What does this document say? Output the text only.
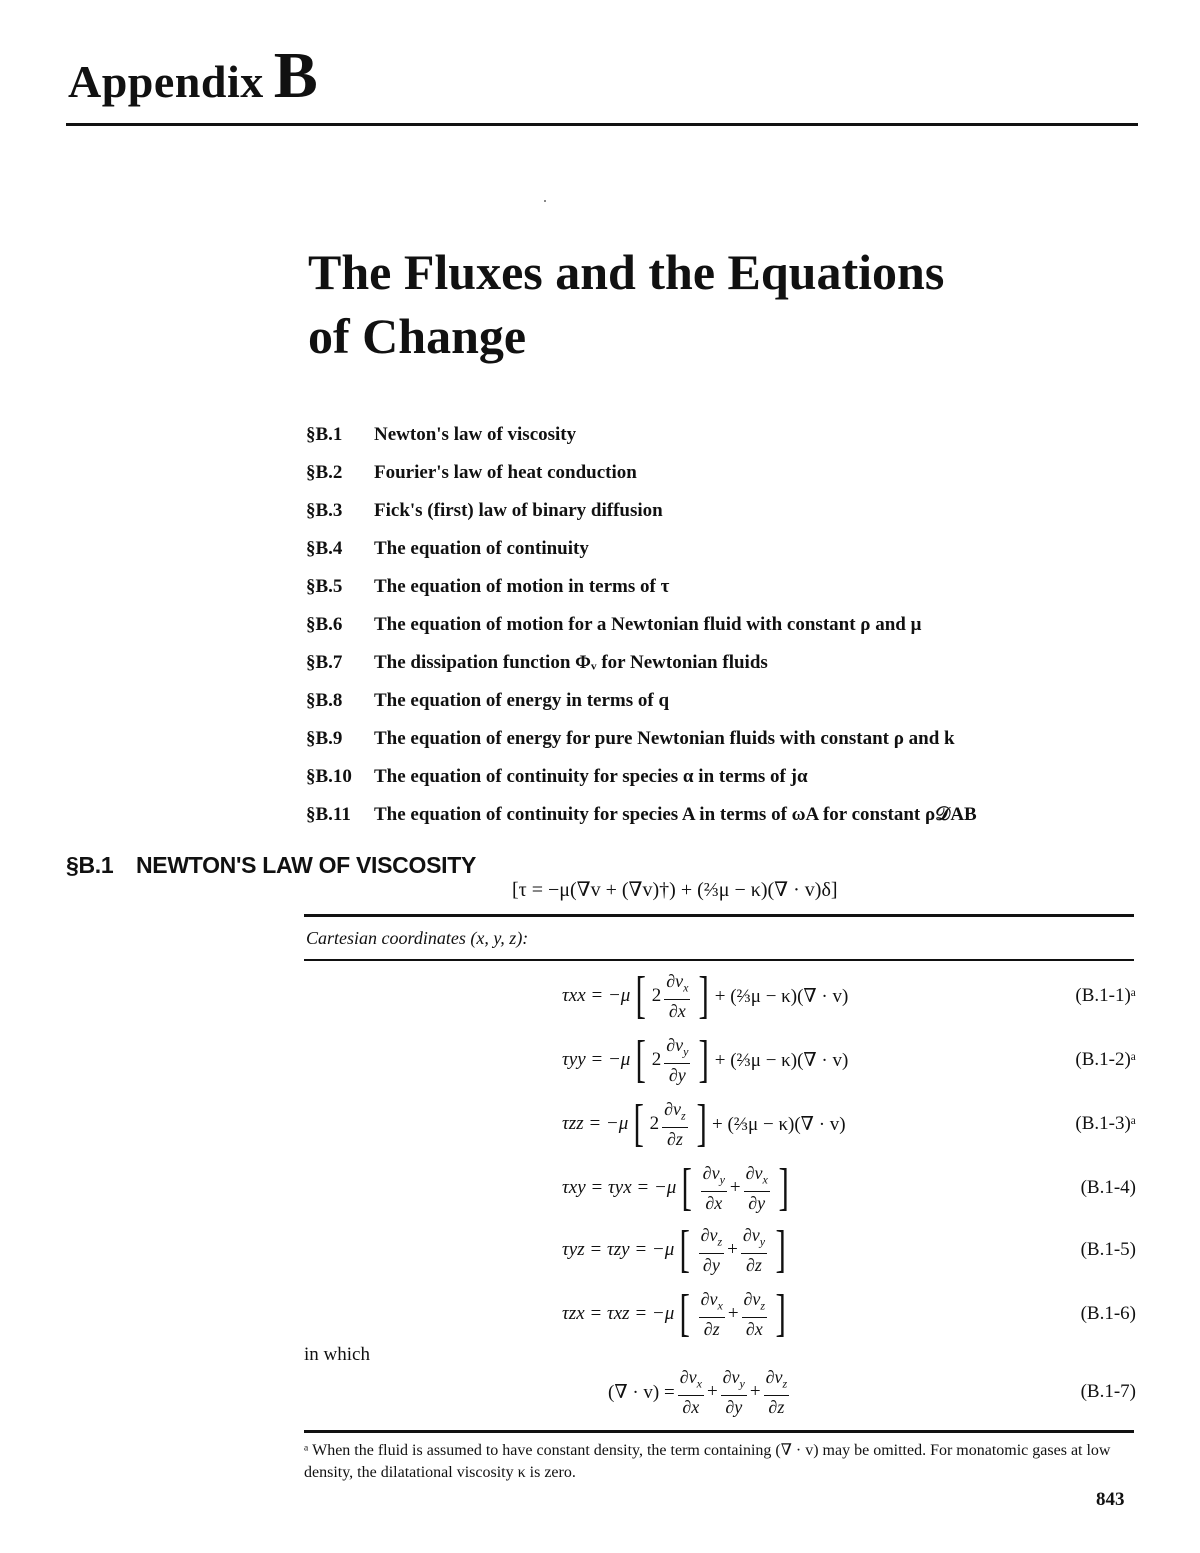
Appendix B
The Fluxes and the Equations
of Change
§B.1	Newton's law of viscosity
§B.2	Fourier's law of heat conduction
§B.3	Fick's (first) law of binary diffusion
§B.4	The equation of continuity
§B.5	The equation of motion in terms of τ
§B.6	The equation of motion for a Newtonian fluid with constant ρ and μ
§B.7	The dissipation function Φᵥ for Newtonian fluids
§B.8	The equation of energy in terms of q
§B.9	The equation of energy for pure Newtonian fluids with constant ρ and k
§B.10	The equation of continuity for species α in terms of jα
§B.11	The equation of continuity for species A in terms of ωA for constant ρ𝒟AB
§B.1 NEWTON'S LAW OF VISCOSITY
[τ = −μ(∇v + (∇v)†) + (⅔μ − κ)(∇ · v)δ]
Cartesian coordinates (x, y, z):
τxx = −μ [ $2 \frac{\partial v_x}{\partial x}$ ] + (⅔μ − κ)(∇ · v)	(B.1-1)ᵃ
τyy = −μ [ $2 \frac{\partial v_y}{\partial y}$ ] + (⅔μ − κ)(∇ · v)	(B.1-2)ᵃ
τzz = −μ [ $2 \frac{\partial v_z}{\partial z}$ ] + (⅔μ − κ)(∇ · v)	(B.1-3)ᵃ
τxy = τyx = −μ [ $\frac{\partial v_y}{\partial x} + \frac{\partial v_x}{\partial y}$ ]	(B.1-4)
τyz = τzy = −μ [ $\frac{\partial v_z}{\partial y} + \frac{\partial v_y}{\partial z}$ ]	(B.1-5)
τzx = τxz = −μ [ $\frac{\partial v_x}{\partial z} + \frac{\partial v_z}{\partial x}$ ]	(B.1-6)
in which
(∇ · $v) = \frac{\partial v_x}{\partial x} + \frac{\partial v_y}{\partial y} + \frac{\partial v_z}{\partial z}$	(B.1-7)
ᵃ When the fluid is assumed to have constant density, the term containing (∇ · v) may be omitted. For monatomic gases at low density, the dilatational viscosity κ is zero.
843
